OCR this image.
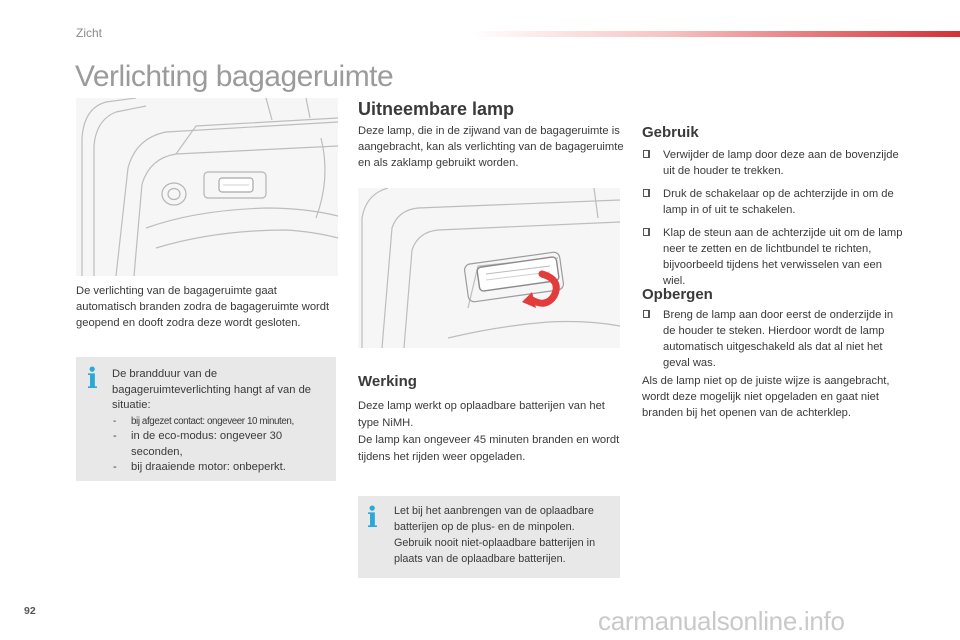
Zicht
Verlichting bagageruimte
De verlichting van de bagageruimte gaat automatisch branden zodra de bagageruimte wordt geopend en dooft zodra deze wordt gesloten.
i De brandduur van de bagageruimteverlichting hangt af van de situatie:

- bij afgezet contact: ongeveer 10 minuten,
- in de eco-modus: ongeveer 30 seconden,
- bij draaiende motor: onbeperkt.
Uitneembare lamp
Deze lamp, die in de zijwand van de bagageruimte is aangebracht, kan als verlichting van de bagageruimte en als zaklamp gebruikt worden.
Werking

Deze lamp werkt op oplaadbare batterijen van het type NiMH.

De lamp kan ongeveer 45 minuten branden en wordt tijdens het rijden weer opgeladen.

i Let bij het aanbrengen van de oplaadbare batterijen op de plus- en de minpolen.

Gebruik nooit niet-oplaadbare batterijen in plaats van de oplaadbare batterijen.

Gebruik
Verwijder de lamp door deze aan de bovenzijde uit de houder te trekken.
Druk de schakelaar op de achterzijde in om de lamp in of uit te schakelen.
Klap de steun aan de achterzijde uit om de lamp neer te zetten en de lichtbundel te richten, bijvoorbeeld tijdens het verwisselen van een wiel.
Opbergen
Breng de lamp aan door eerst de onderzijde in de houder te steken. Hierdoor wordt de lamp automatisch uitgeschakeld als dat al niet het geval was.
Als de lamp niet op de juiste wijze is aangebracht, wordt deze mogelijk niet opgeladen en gaat niet branden bij het openen van de achterklep.
92	carmanualsonline.info
